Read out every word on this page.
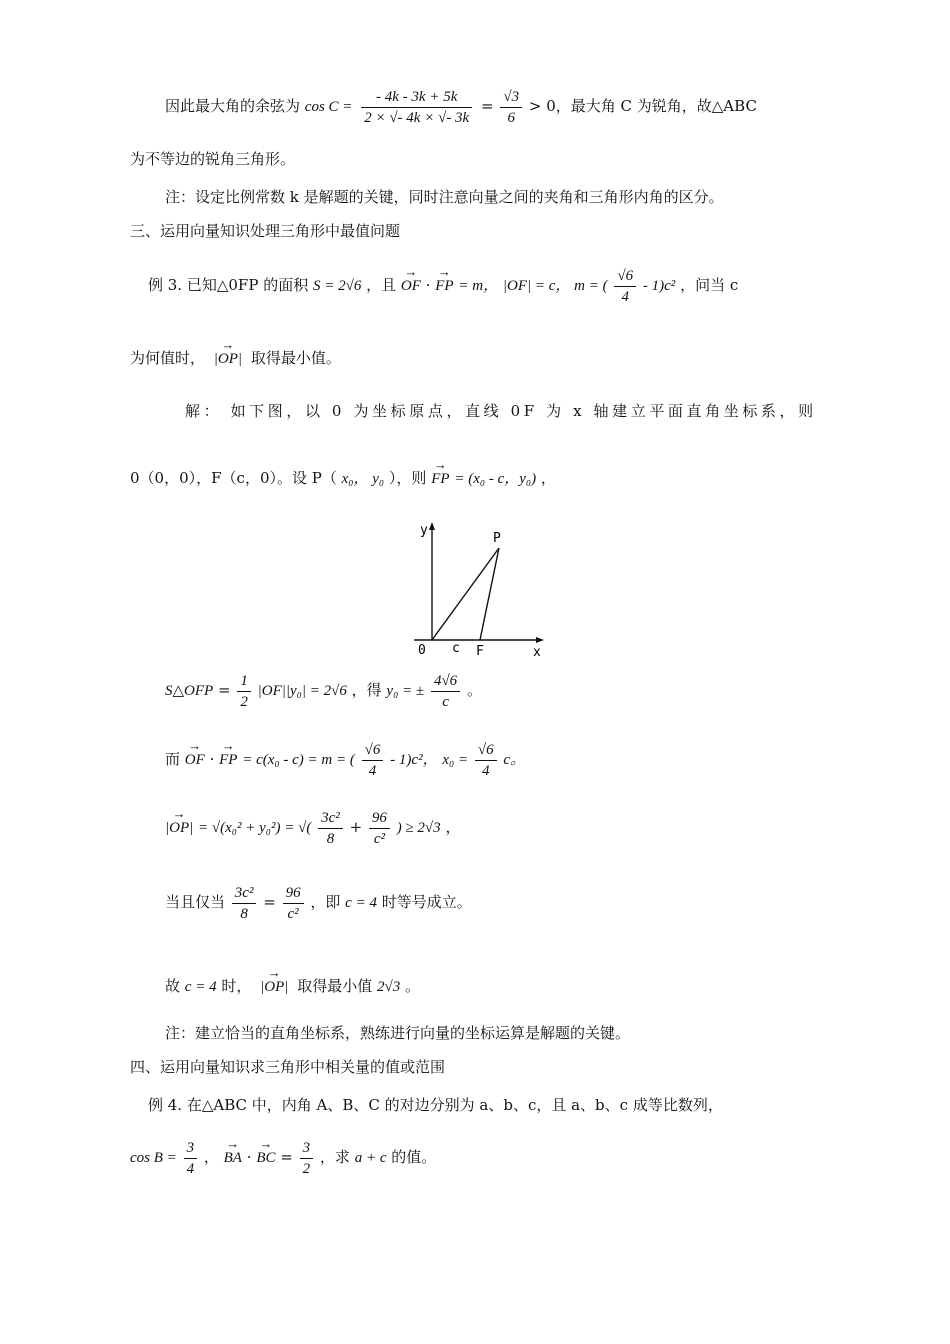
因此最大角的余弦为 $\cos C = \frac{- 4k - 3k + 5k}{2 \times √- 4k \times √- 3k} = \frac{√3}{6} > 0$，最大角 C 为锐角，故△ABC
为不等边的锐角三角形。
注：设定比例常数 k 是解题的关键，同时注意向量之间的夹角和三角形内角的区分。
三、运用向量知识处理三角形中最值问题
例 3. 已知△0FP 的面积 S = 2√6 ，且 → OF · → FP = m， |OF| = c， m = ( $\frac{√6}{4} - 1)c^2$ ，问当 c
为何值时， → |OP| 取得最小值。
解： 如下图，以 0 为坐标原点，直线 0F 为 x 轴建立平面直角坐标系，则
0（0，0），F（c，0）。设 P（ x₀， y₀ ），则 → FP = (x₀ - c，y₀) ，
y
P
0 c F	x
S△OFP = $\frac{1}{2} |OF||y_0| = 2√6$ ，得 y₀ = ± $\frac{4√6}{c}$ 。
而 → OF · → FP = c(x₀ - c) = m = ( $\frac{√6}{4} - 1)c^2$， $x_0 = \frac{√6}{4}$ c。
→ |OP| = √(x₀² + y₀²) = √( $\frac{\text{3c²}}{8} + \frac{96}{\text{c²}}$ ) ≥ 2√3 ，
当且仅当 $\frac{\text{3c²}}{8} = \frac{96}{\text{c²}}$ ，即 c = 4 时等号成立。
故 c = 4 时， → |OP| 取得最小值 2√3 。
注：建立恰当的直角坐标系，熟练进行向量的坐标运算是解题的关键。
四、运用向量知识求三角形中相关量的值或范围
例 4. 在△ABC 中，内角 A、B、C 的对边分别为 a、b、c，且 a、b、c 成等比数列，
$\cos B = \frac{3}{4}$ ， → BA · → BC = $\frac{3}{2}$ ，求 a + c 的值。
